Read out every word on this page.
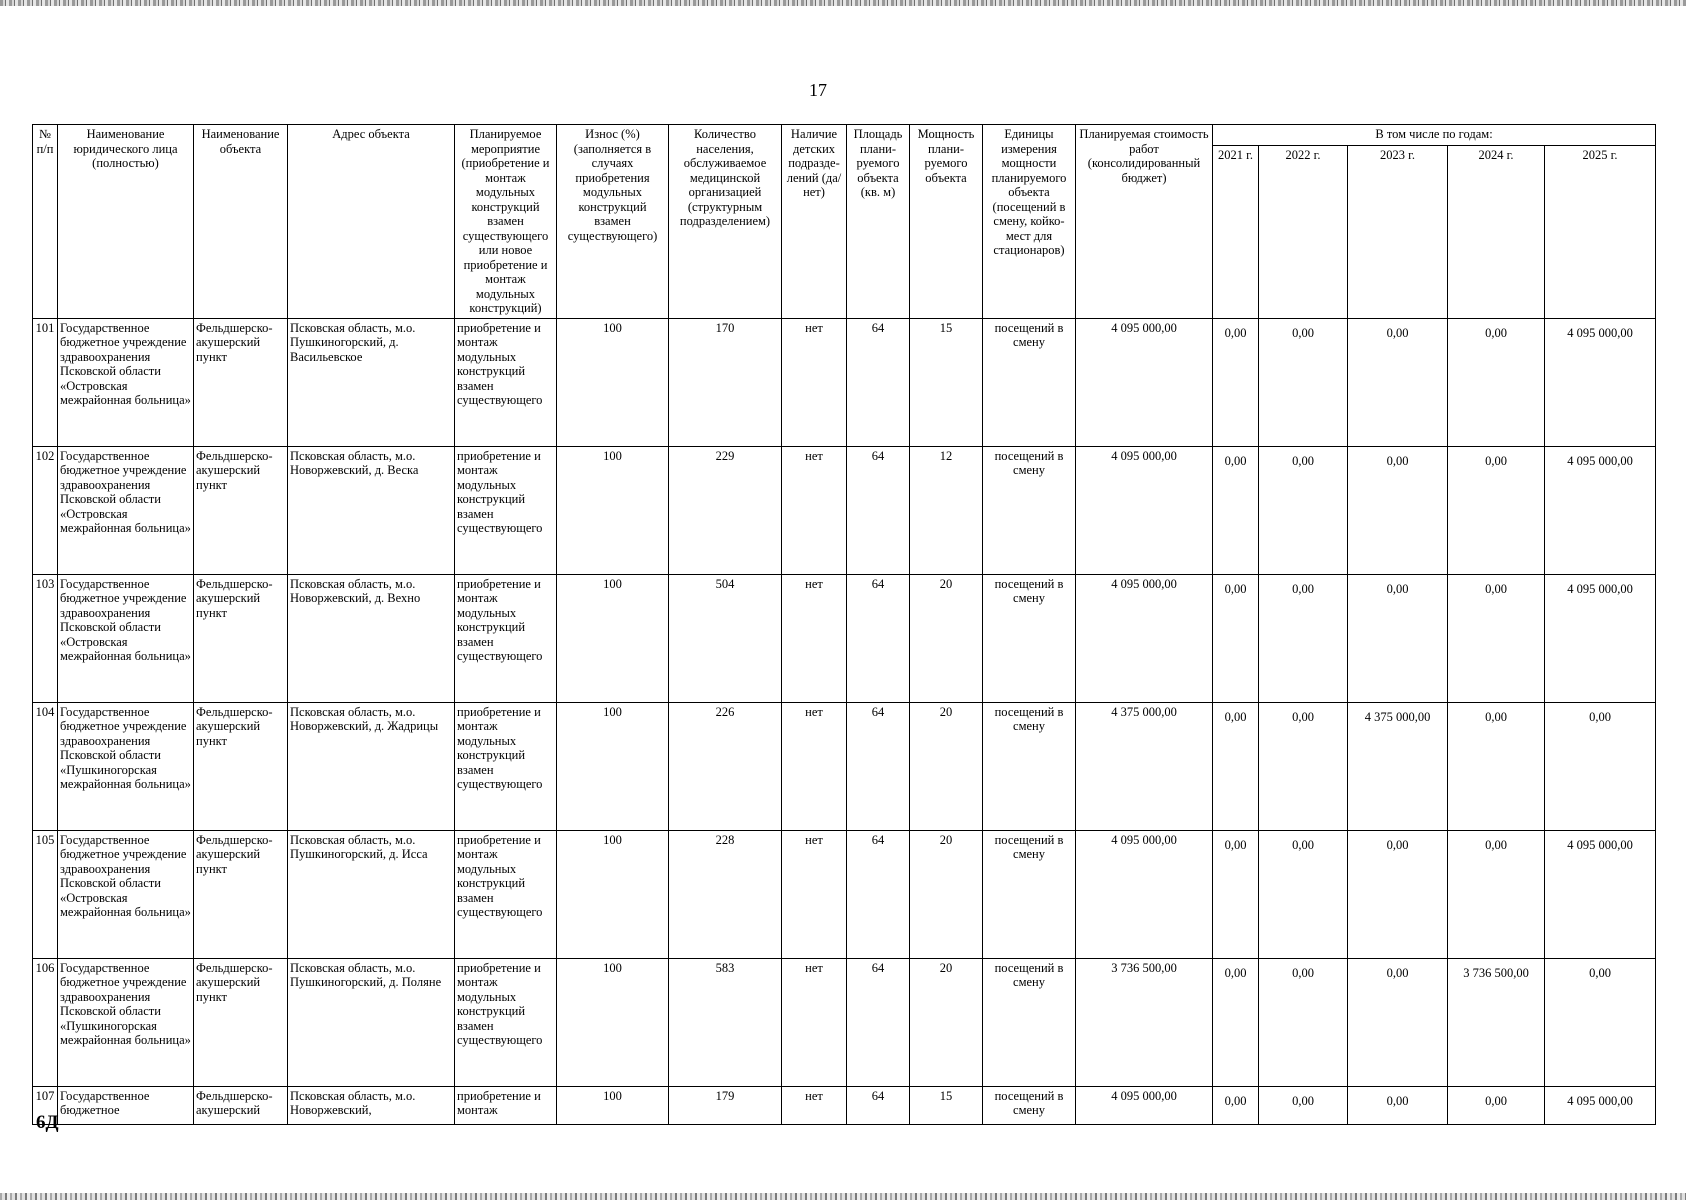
17
№ п/п	Наименование юридического лица (полностью)	Наименование объекта	Адрес объекта	Планируемое мероприятие (приобретение и монтаж модульных конструкций взамен существующего или новое приобретение и монтаж модульных конструкций)	Износ (%) (заполняется в случаях приобретения модульных конструкций взамен существующего)	Количество населения, обслуживаемое медицинской организацией (структурным подразделением)	Наличие детских подразде-лений (да/нет)	Площадь плани-руемого объекта (кв. м)	Мощность плани-руемого объекта	Единицы измерения мощности планируемого объекта (посещений в смену, койко-мест для стационаров)	Планируемая стоимость работ (консолидированный бюджет)	В том числе по годам:				
												2021 г.	2022 г.	2023 г.	2024 г.	2025 г.
101	Государственное бюджетное учреждение здравоохранения Псковской области «Островская межрайонная больница»	Фельдшерско-акушерский пункт	Псковская область, м.о. Пушкиногорский, д. Васильевское	приобретение и монтаж модульных конструкций взамен существующего	100	170	нет	64	15	посещений в смену	4 095 000,00	0,00	0,00	0,00	0,00	4 095 000,00
102	Государственное бюджетное учреждение здравоохранения Псковской области «Островская межрайонная больница»	Фельдшерско-акушерский пункт	Псковская область, м.о. Новоржевский, д. Веска	приобретение и монтаж модульных конструкций взамен существующего	100	229	нет	64	12	посещений в смену	4 095 000,00	0,00	0,00	0,00	0,00	4 095 000,00
103	Государственное бюджетное учреждение здравоохранения Псковской области «Островская межрайонная больница»	Фельдшерско-акушерский пункт	Псковская область, м.о. Новоржевский, д. Вехно	приобретение и монтаж модульных конструкций взамен существующего	100	504	нет	64	20	посещений в смену	4 095 000,00	0,00	0,00	0,00	0,00	4 095 000,00
104	Государственное бюджетное учреждение здравоохранения Псковской области «Пушкиногорская межрайонная больница»	Фельдшерско-акушерский пункт	Псковская область, м.о. Новоржевский, д. Жадрицы	приобретение и монтаж модульных конструкций взамен существующего	100	226	нет	64	20	посещений в смену	4 375 000,00	0,00	0,00	4 375 000,00	0,00	0,00
105	Государственное бюджетное учреждение здравоохранения Псковской области «Островская межрайонная больница»	Фельдшерско-акушерский пункт	Псковская область, м.о. Пушкиногорский, д. Исса	приобретение и монтаж модульных конструкций взамен существующего	100	228	нет	64	20	посещений в смену	4 095 000,00	0,00	0,00	0,00	0,00	4 095 000,00
106	Государственное бюджетное учреждение здравоохранения Псковской области «Пушкиногорская межрайонная больница»	Фельдшерско-акушерский пункт	Псковская область, м.о. Пушкиногорский, д. Поляне	приобретение и монтаж модульных конструкций взамен существующего	100	583	нет	64	20	посещений в смену	3 736 500,00	0,00	0,00	0,00	3 736 500,00	0,00
107	Государственное бюджетное	Фельдшерско-акушерский	Псковская область, м.о. Новоржевский,	приобретение и монтаж	100	179	нет	64	15	посещений в смену	4 095 000,00	0,00	0,00	0,00	0,00	4 095 000,00
6Д
